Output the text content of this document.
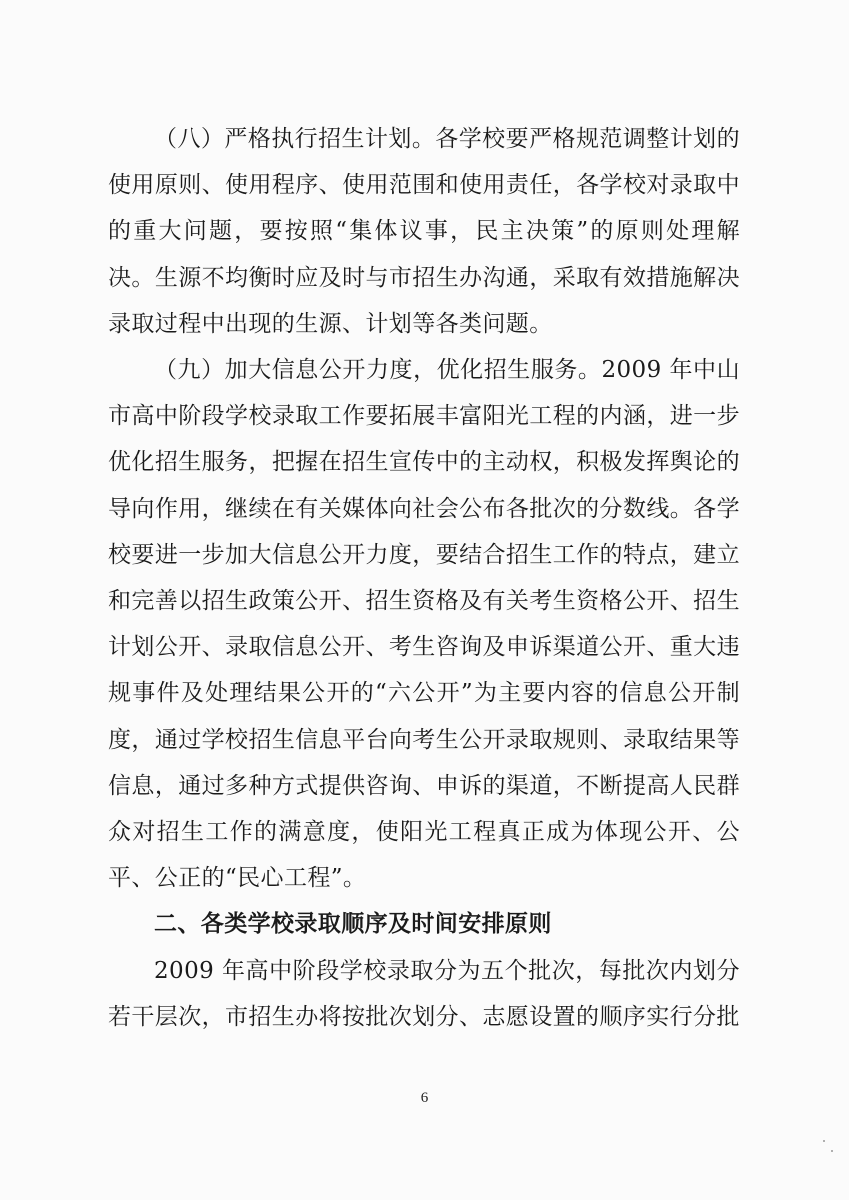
（八）严格执行招生计划。各学校要严格规范调整计划的使用原则、使用程序、使用范围和使用责任，各学校对录取中的重大问题，要按照“集体议事，民主决策”的原则处理解决。生源不均衡时应及时与市招生办沟通，采取有效措施解决录取过程中出现的生源、计划等各类问题。

（九）加大信息公开力度，优化招生服务。2009 年中山市高中阶段学校录取工作要拓展丰富阳光工程的内涵，进一步优化招生服务，把握在招生宣传中的主动权，积极发挥舆论的导向作用，继续在有关媒体向社会公布各批次的分数线。各学校要进一步加大信息公开力度，要结合招生工作的特点，建立和完善以招生政策公开、招生资格及有关考生资格公开、招生计划公开、录取信息公开、考生咨询及申诉渠道公开、重大违规事件及处理结果公开的“六公开”为主要内容的信息公开制度，通过学校招生信息平台向考生公开录取规则、录取结果等信息，通过多种方式提供咨询、申诉的渠道，不断提高人民群众对招生工作的满意度，使阳光工程真正成为体现公开、公平、公正的“民心工程”。

二、各类学校录取顺序及时间安排原则

2009 年高中阶段学校录取分为五个批次，每批次内划分若干层次，市招生办将按批次划分、志愿设置的顺序实行分批

6
